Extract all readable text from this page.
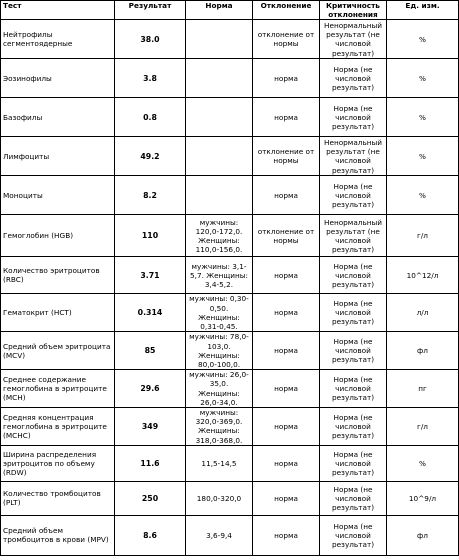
Тест	Результат	Норма	Отклонение	Критичность отклонения	Ед. изм.
Нейтрофилы сегментоядерные	38.0		отклонение от нормы	Ненормальный результат (не числовой результат)	%
Эозинофилы	3.8		норма	Норма (не числовой результат)	%
Базофилы	0.8		норма	Норма (не числовой результат)	%
Лимфоциты	49.2		отклонение от нормы	Ненормальный результат (не числовой результат)	%
Моноциты	8.2		норма	Норма (не числовой результат)	%
Гемоглобин (HGB)	110	мужчины: 120,0-172,0. Женщины: 110,0-156,0.	отклонение от нормы	Ненормальный результат (не числовой результат)	г/л
Количество эритроцитов (RBC)	3.71	мужчины: 3,1-5,7. Женщины: 3,4-5,2.	норма	Норма (не числовой результат)	10^12/л
Гематокрит (HCT)	0.314	мужчины: 0,30-0,50. Женщины: 0,31-0,45.	норма	Норма (не числовой результат)	л/л
Средний объем эритроцита (MCV)	85	мужчины: 78,0-103,0. Женщины: 80,0-100,0.	норма	Норма (не числовой результат)	фл
Среднее содержание гемоглобина в эритроците (MCH)	29.6	мужчины: 26,0-35,0. Женщины: 26,0-34,0.	норма	Норма (не числовой результат)	пг
Средняя концентрация гемоглобина в эритроците (MCHC)	349	мужчины: 320,0-369,0. Женщины: 318,0-368,0.	норма	Норма (не числовой результат)	г/л
Ширина распределения эритроцитов по объему (RDW)	11.6	11,5-14,5	норма	Норма (не числовой результат)	%
Количество тромбоцитов (PLT)	250	180,0-320,0	норма	Норма (не числовой результат)	10^9/л
Средний объем тромбоцитов в крови (MPV)	8.6	3,6-9,4	норма	Норма (не числовой результат)	фл
